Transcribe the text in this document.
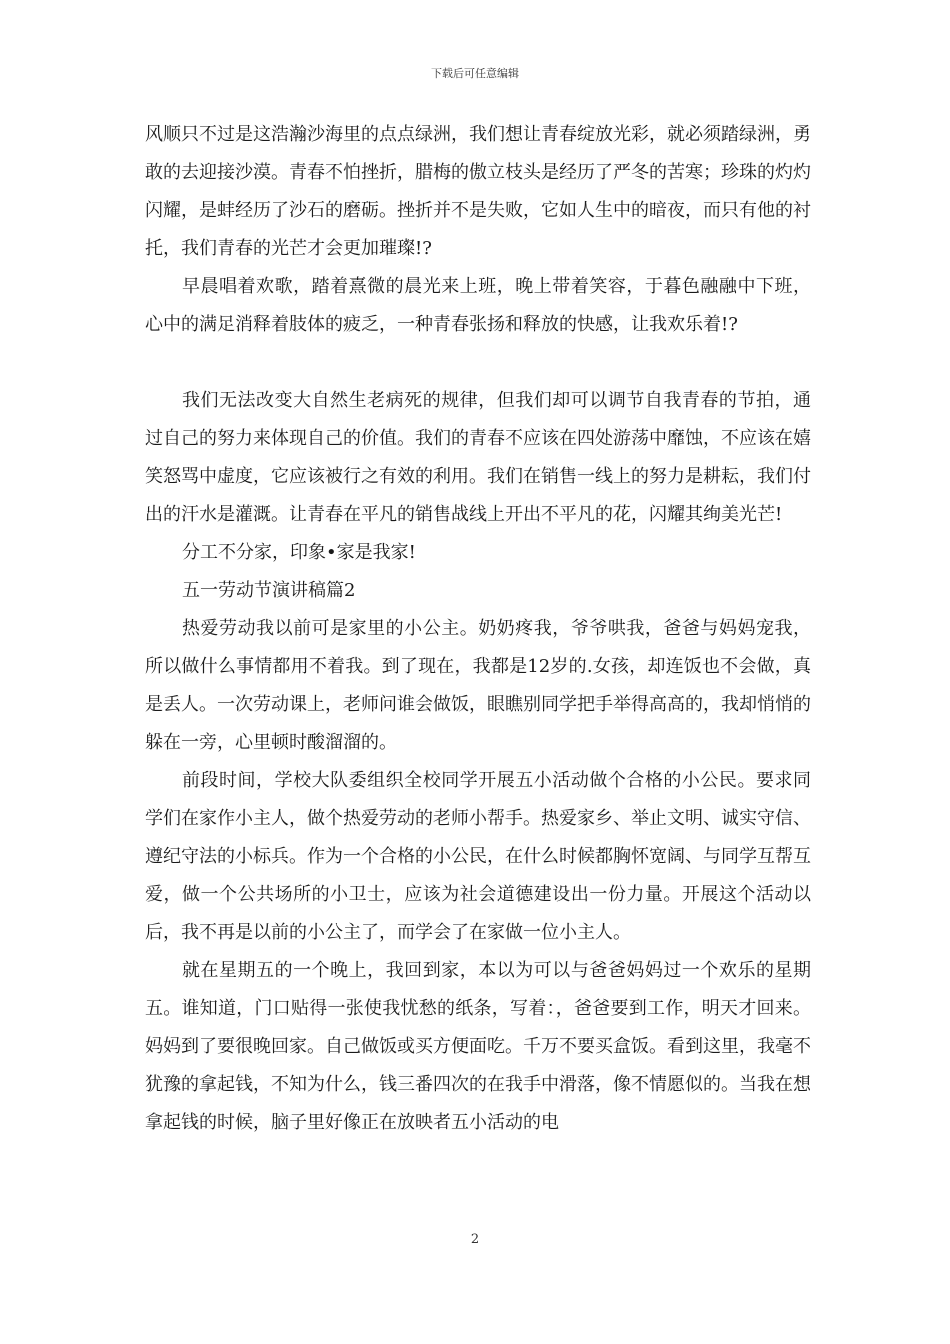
下载后可任意编辑

风顺只不过是这浩瀚沙海里的点点绿洲，我们想让青春绽放光彩，就必须踏绿洲，勇敢的去迎接沙漠。青春不怕挫折，腊梅的傲立枝头是经历了严冬的苦寒；珍珠的灼灼闪耀，是蚌经历了沙石的磨砺。挫折并不是失败，它如人生中的暗夜，而只有他的衬托，我们青春的光芒才会更加璀璨!?

早晨唱着欢歌，踏着熹微的晨光来上班，晚上带着笑容，于暮色融融中下班，心中的满足消释着肢体的疲乏，一种青春张扬和释放的快感，让我欢乐着!?

我们无法改变大自然生老病死的规律，但我们却可以调节自我青春的节拍，通过自己的努力来体现自己的价值。我们的青春不应该在四处游荡中靡蚀，不应该在嬉笑怒骂中虚度，它应该被行之有效的利用。我们在销售一线上的努力是耕耘，我们付出的汗水是灌溉。让青春在平凡的销售战线上开出不平凡的花，闪耀其绚美光芒!

分工不分家，印象•家是我家!

五一劳动节演讲稿篇2

热爱劳动我以前可是家里的小公主。奶奶疼我，爷爷哄我，爸爸与妈妈宠我，所以做什么事情都用不着我。到了现在，我都是12岁的.女孩，却连饭也不会做，真是丢人。一次劳动课上，老师问谁会做饭，眼瞧别同学把手举得高高的，我却悄悄的躲在一旁，心里顿时酸溜溜的。

前段时间，学校大队委组织全校同学开展五小活动做个合格的小公民。要求同学们在家作小主人，做个热爱劳动的老师小帮手。热爱家乡、举止文明、诚实守信、遵纪守法的小标兵。作为一个合格的小公民，在什么时候都胸怀宽阔、与同学互帮互爱，做一个公共场所的小卫士，应该为社会道德建设出一份力量。开展这个活动以后，我不再是以前的小公主了，而学会了在家做一位小主人。

就在星期五的一个晚上，我回到家，本以为可以与爸爸妈妈过一个欢乐的星期五。谁知道，门口贴得一张使我忧愁的纸条，写着：，爸爸要到工作，明天才回来。妈妈到了要很晚回家。自己做饭或买方便面吃。千万不要买盒饭。看到这里，我毫不犹豫的拿起钱，不知为什么，钱三番四次的在我手中滑落，像不情愿似的。当我在想拿起钱的时候，脑子里好像正在放映者五小活动的电

2
